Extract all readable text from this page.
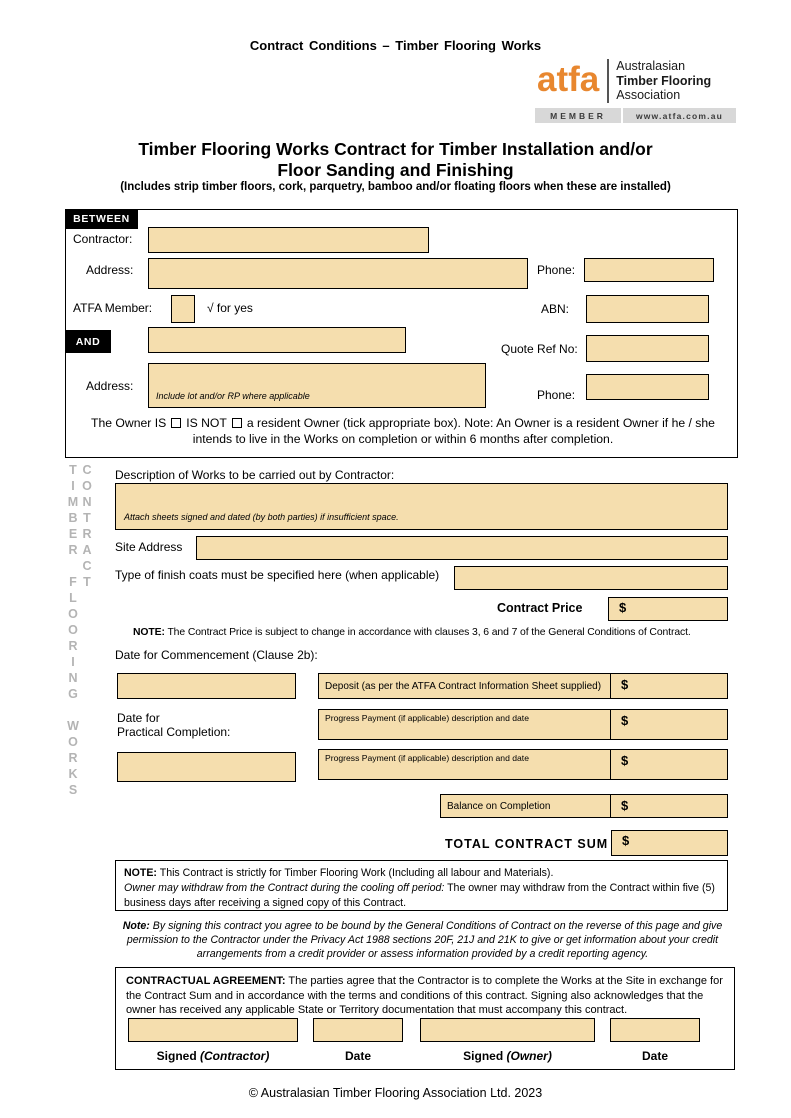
Contract Conditions – Timber Flooring Works
atfa	Australasian
Timber Flooring
Association
MEMBER	www.atfa.com.au
Timber Flooring Works Contract for Timber Installation and/or
Floor Sanding and Finishing
(Includes strip timber floors, cork, parquetry, bamboo and/or floating floors when these are installed)
BETWEEN
Contractor:
Address:	Phone:
ATFA Member:	√ for yes	ABN:
AND
Quote Ref No:
Address:
Include lot and/or RP where applicable	Phone:
The Owner IS IS NOT a resident Owner (tick appropriate box). Note: An Owner is a resident Owner if he / she intends to live in the Works on completion or within 6 months after completion.
TIMBER FLOORING WORKS CONTRACT Description of Works to be carried out by Contractor:
Attach sheets signed and dated (by both parties) if insufficient space.
Site Address
Type of finish coats must be specified here (when applicable)
Contract Price	$
NOTE: The Contract Price is subject to change in accordance with clauses 3, 6 and 7 of the General Conditions of Contract.
Date for Commencement (Clause 2b):
Deposit (as per the ATFA Contract Information Sheet supplied)	$
Date for
Practical Completion:
Progress Payment (if applicable) description and date	$
Progress Payment (if applicable) description and date	$
Balance on Completion	$
TOTAL CONTRACT SUM	$
NOTE: This Contract is strictly for Timber Flooring Work (Including all labour and Materials).
Owner may withdraw from the Contract during the cooling off period: The owner may withdraw from the Contract within five (5) business days after receiving a signed copy of this Contract.
Note: By signing this contract you agree to be bound by the General Conditions of Contract on the reverse of this page and give permission to the Contractor under the Privacy Act 1988 sections 20F, 21J and 21K to give or get information about your credit arrangements from a credit provider or assess information provided by a credit reporting agency.
CONTRACTUAL AGREEMENT: The parties agree that the Contractor is to complete the Works at the Site in exchange for the Contract Sum and in accordance with the terms and conditions of this contract. Signing also acknowledges that the owner has received any applicable State or Territory documentation that must accompany this contract.
Signed (Contractor)	Date	Signed (Owner)	Date
© Australasian Timber Flooring Association Ltd. 2023
